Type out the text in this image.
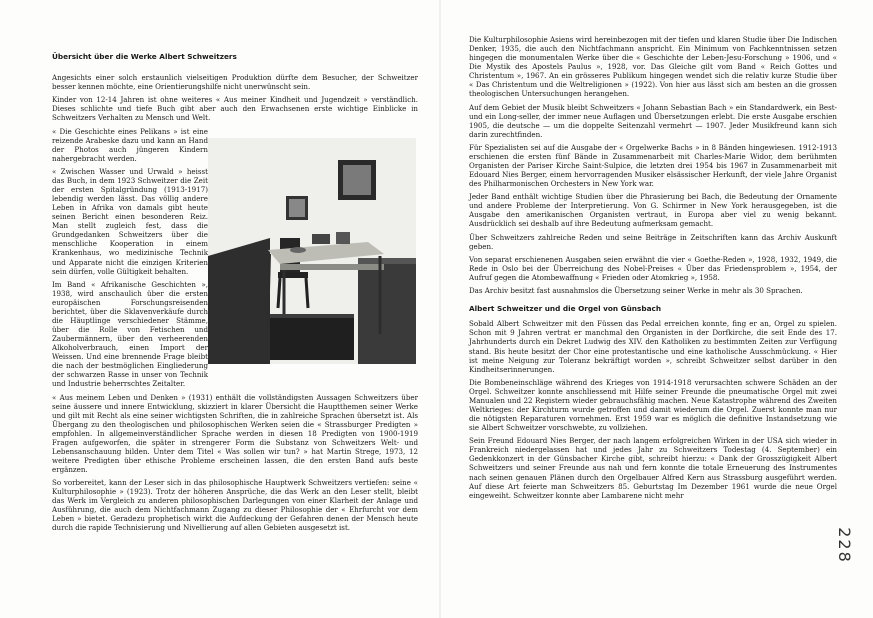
Übersicht über die Werke Albert Schweitzers

Angesichts einer solch erstaunlich vielseitigen Produktion dürfte dem Besucher, der Schweitzer besser kennen möchte, eine Orientierungshilfe nicht unerwünscht sein.

Kinder von 12-14 Jahren ist ohne weiteres « Aus meiner Kindheit und Jugendzeit » verständlich. Dieses schlichte und tiefe Buch gibt aber auch den Erwachsenen erste wichtige Einblicke in Schweitzers Verhalten zu Mensch und Welt.

« Die Geschichte eines Pelikans » ist eine reizende Arabeske dazu und kann an Hand der Photos auch jüngeren Kindern nahergebracht werden.

« Zwischen Wasser und Urwald » heisst das Buch, in dem 1923 Schweitzer die Zeit der ersten Spitalgründung (1913-1917) lebendig werden lässt. Das völlig andere Leben in Afrika von damals gibt heute seinen Bericht einen besonderen Reiz. Man stellt zugleich fest, dass die Grundgedanken Schweitzers über die menschliche Kooperation in einem Krankenhaus, wo medizinische Technik und Apparate nicht die einzigen Kriterien sein dürfen, volle Gültigkeit behalten.

Im Band « Afrikanische Geschichten », 1938, wird anschaulich über die ersten europäischen Forschungsreisenden berichtet, über die Sklavenverkäufe durch die Häuptlinge verschiedener Stämme, über die Rolle von Fetischen und Zaubermännern, über den verheerenden Alkoholverbrauch, einen Import der Weissen. Und eine brennende Frage bleibt die nach der bestmöglichen Eingliederung der schwarzen Rasse in unser von Technik und Industrie beherrschtes Zeitalter.

« Aus meinem Leben und Denken » (1931) enthält die vollständigsten Aussagen Schweitzers über seine äussere und innere Entwicklung, skizziert in klarer Übersicht die Hauptthemen seiner Werke und gilt mit Recht als eine seiner wichtigsten Schriften, die in zahlreiche Sprachen übersetzt ist. Als Übergang zu den theologischen und philosophischen Werken seien die « Strassburger Predigten » empfohlen. In allgemeinverständlicher Sprache werden in diesen 18 Predigten von 1900-1919 Fragen aufgeworfen, die später in strengerer Form die Substanz von Schweitzers Welt- und Lebensanschauung bilden. Unter dem Titel « Was sollen wir tun? » hat Martin Strege, 1973, 12 weitere Predigten über ethische Probleme erscheinen lassen, die den ersten Band aufs beste ergänzen.

So vorbereitet, kann der Leser sich in das philosophische Hauptwerk Schweitzers vertiefen: seine « Kulturphilosophie » (1923). Trotz der höheren Ansprüche, die das Werk an den Leser stellt, bleibt das Werk im Vergleich zu anderen philosophischen Darlegungen von einer Klarheit der Anlage und Ausführung, die auch dem Nichtfachmann Zugang zu dieser Philosophie der « Ehrfurcht vor dem Leben » bietet. Geradezu prophetisch wirkt die Aufdeckung der Gefahren denen der Mensch heute durch die rapide Technisierung und Nivellierung auf allen Gebieten ausgesetzt ist.

Die Kulturphilosophie Asiens wird hereinbezogen mit der tiefen und klaren Studie über Die Indischen Denker, 1935, die auch den Nichtfachmann anspricht. Ein Minimum von Fachkenntnissen setzen hingegen die monumentalen Werke über die « Geschichte der Leben-Jesu-Forschung » 1906, und « Die Mystik des Apostels Paulus », 1928, vor. Das Gleiche gilt vom Band « Reich Gottes und Christentum », 1967. An ein grösseres Publikum hingegen wendet sich die relativ kurze Studie über « Das Christentum und die Weltreligionen » (1922). Von hier aus lässt sich am besten an die grossen theologischen Untersuchungen herangehen.

Auf dem Gebiet der Musik bleibt Schweitzers « Johann Sebastian Bach » ein Standardwerk, ein Best- und ein Long-seller, der immer neue Auflagen und Übersetzungen erlebt. Die erste Ausgabe erschien 1905, die deutsche — um die doppelte Seitenzahl vermehrt — 1907. Jeder Musikfreund kann sich darin zurechtfinden.

Für Spezialisten sei auf die Ausgabe der « Orgelwerke Bachs » in 8 Bänden hingewiesen. 1912-1913 erschienen die ersten fünf Bände in Zusammenarbeit mit Charles-Marie Widor, dem berühmten Organisten der Pariser Kirche Saint-Sulpice, die letzten drei 1954 bis 1967 in Zusammenarbeit mit Edouard Nies Berger, einem hervorragenden Musiker elsässischer Herkunft, der viele Jahre Organist des Philharmonischen Orchesters in New York war.

Jeder Band enthält wichtige Studien über die Phrasierung bei Bach, die Bedeutung der Ornamente und andere Probleme der Interpretierung. Von G. Schirmer in New York herausgegeben, ist die Ausgabe den amerikanischen Organisten vertraut, in Europa aber viel zu wenig bekannt. Ausdrücklich sei deshalb auf ihre Bedeutung aufmerksam gemacht.

Über Schweitzers zahlreiche Reden und seine Beiträge in Zeitschriften kann das Archiv Auskunft geben.

Von separat erschienenen Ausgaben seien erwähnt die vier « Goethe-Reden », 1928, 1932, 1949, die Rede in Oslo bei der Überreichung des Nobel-Preises « Über das Friedensproblem », 1954, der Aufruf gegen die Atombewaffnung « Frieden oder Atomkrieg », 1958.

Das Archiv besitzt fast ausnahmslos die Übersetzung seiner Werke in mehr als 30 Sprachen.

Albert Schweitzer und die Orgel von Günsbach

Sobald Albert Schweitzer mit den Füssen das Pedal erreichen konnte, fing er an, Orgel zu spielen. Schon mit 9 Jahren vertrat er manchmal den Organisten in der Dorfkirche, die seit Ende des 17. Jahrhunderts durch ein Dekret Ludwig des XIV. den Katholiken zu bestimmten Zeiten zur Verfügung stand. Bis heute besitzt der Chor eine protestantische und eine katholische Ausschmückung. « Hier ist meine Neigung zur Toleranz bekräftigt worden », schreibt Schweitzer selbst darüber in den Kindheitserinnerungen.

Die Bombeneinschläge während des Krieges von 1914-1918 verursachten schwere Schäden an der Orgel. Schweitzer konnte anschliessend mit Hilfe seiner Freunde die pneumatische Orgel mit zwei Manualen und 22 Registern wieder gebrauchsfähig machen. Neue Katastrophe während des Zweiten Weltkrieges: der Kirchturm wurde getroffen und damit wiederum die Orgel. Zuerst konnte man nur die nötigsten Reparaturen vornehmen. Erst 1959 war es möglich die definitive Instandsetzung wie sie Albert Schweitzer vorschwebte, zu vollziehen.

Sein Freund Edouard Nies Berger, der nach langem erfolgreichen Wirken in der USA sich wieder in Frankreich niedergelassen hat und jedes Jahr zu Schweitzers Todestag (4. September) ein Gedenkkonzert in der Günsbacher Kirche gibt, schreibt hierzu: « Dank der Grosszügigkeit Albert Schweitzers und seiner Freunde aus nah und fern konnte die totale Erneuerung des Instrumentes nach seinen genauen Plänen durch den Orgelbauer Alfred Kern aus Strassburg ausgeführt werden. Auf diese Art feierte man Schweitzers 85. Geburtstag Im Dezember 1961 wurde die neue Orgel eingeweiht. Schweitzer konnte aber Lambarene nicht mehr

228
